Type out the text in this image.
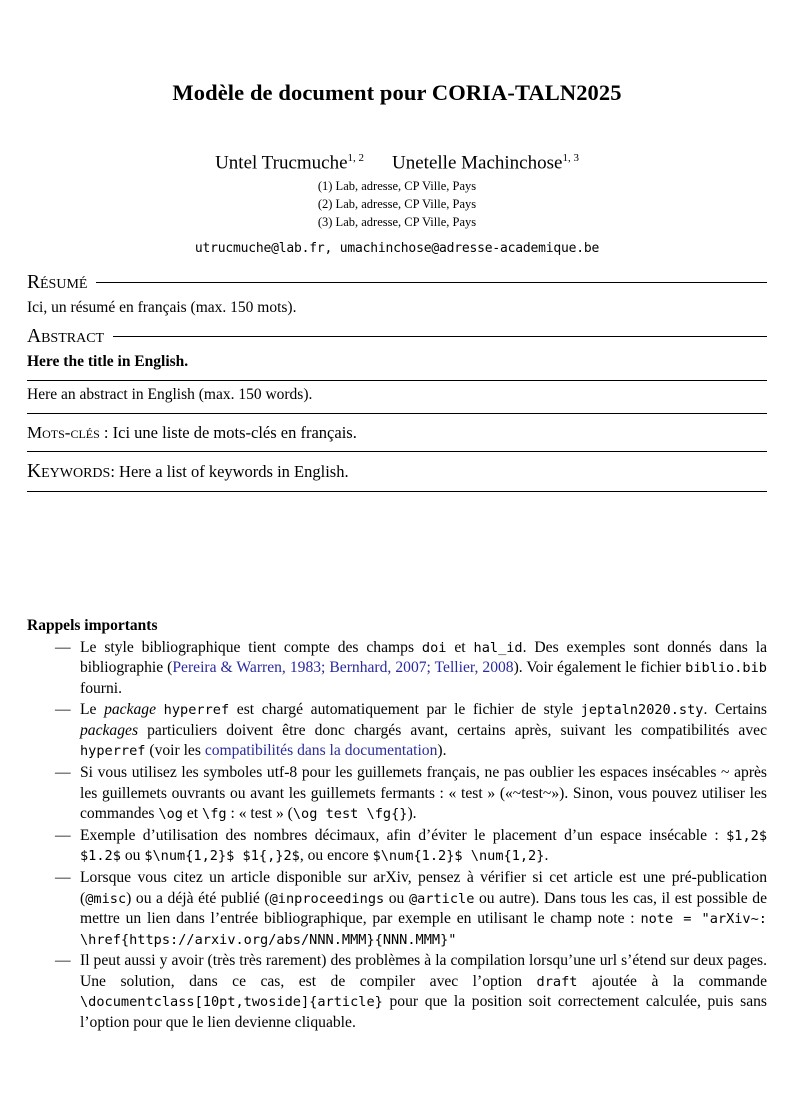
Modèle de document pour CORIA-TALN2025
Untel Trucmuche$^{1, 2}$ Unetelle Machinchose$^{1, 3}$
(1) Lab, adresse, CP Ville, Pays
(2) Lab, adresse, CP Ville, Pays
(3) Lab, adresse, CP Ville, Pays
utrucmuche@lab.fr, umachinchose@adresse-academique.be
Résumé
Ici, un résumé en français (max. 150 mots).
Abstract
Here the title in English.
Here an abstract in English (max. 150 words).
Mots-clés : Ici une liste de mots-clés en français.
Keywords: Here a list of keywords in English.
Rappels importants
— Le style bibliographique tient compte des champs doi et hal_id. Des exemples sont donnés dans la bibliographie (Pereira & Warren, 1983; Bernhard, 2007; Tellier, 2008). Voir également le fichier biblio.bib fourni.
— Le package hyperref est chargé automatiquement par le fichier de style jeptaln2020.sty. Certains packages particuliers doivent être donc chargés avant, certains après, suivant les compatibilités avec hyperref (voir les compatibilités dans la documentation).
— Si vous utilisez les symboles utf-8 pour les guillemets français, ne pas oublier les espaces insécables ~ après les guillemets ouvrants ou avant les guillemets fermants : « test » («~test~»). Sinon, vous pouvez utiliser les commandes \og et \fg : « test » (\og test \fg{}).
— Exemple d’utilisation des nombres décimaux, afin d’éviter le placement d’un espace insécable : $1,2$ $1.2$ ou $\num{1,2}$ $1{,}2$, ou encore $\num{1.2}$ \num{1,2}.
— Lorsque vous citez un article disponible sur arXiv, pensez à vérifier si cet article est une pré-publication (@misc) ou a déjà été publié (@inproceedings ou @article ou autre). Dans tous les cas, il est possible de mettre un lien dans l’entrée bibliographique, par exemple en utilisant le champ note : note = "arXiv~: \href{https://arxiv.org/abs/NNN.MMM}{NNN.MMM}"
— Il peut aussi y avoir (très très rarement) des problèmes à la compilation lorsqu’une url s’étend sur deux pages. Une solution, dans ce cas, est de compiler avec l’option draft ajoutée à la commande \documentclass[10pt,twoside]{article} pour que la position soit correctement calculée, puis sans l’option pour que le lien devienne cliquable.
